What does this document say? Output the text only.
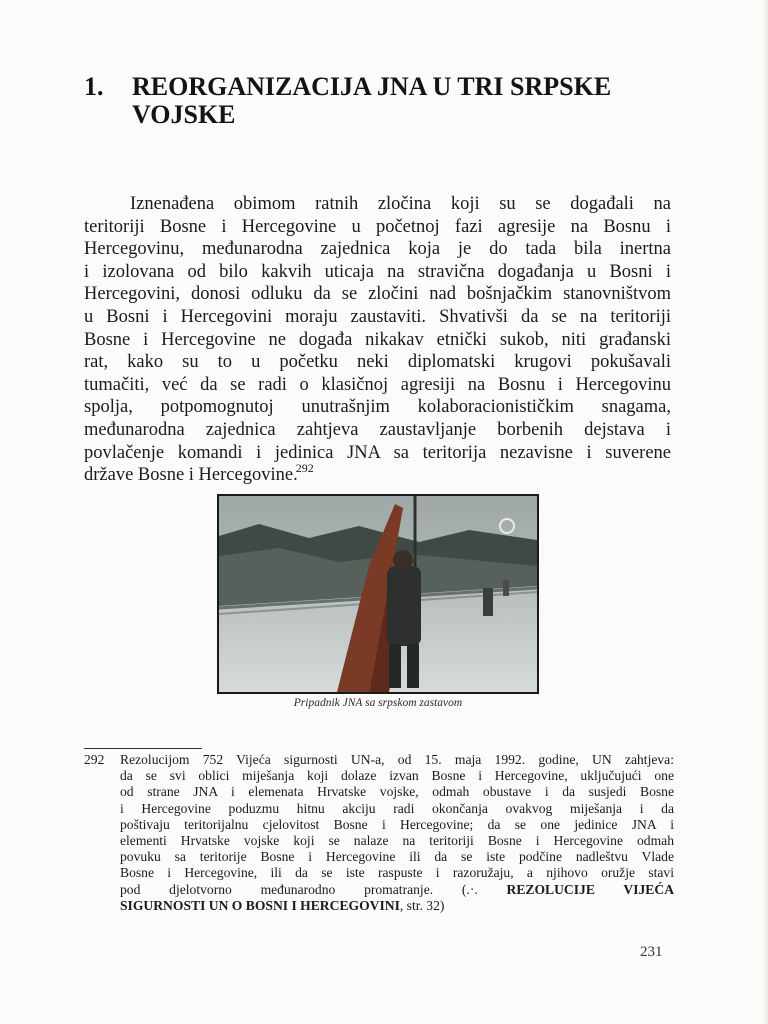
1. REORGANIZACIJA JNA U TRI SRPSKE
VOJSKE
Iznenađena obimom ratnih zločina koji su se događali na
teritoriji Bosne i Hercegovine u početnoj fazi agresije na Bosnu i
Hercegovinu, međunarodna zajednica koja je do tada bila inertna
i izolovana od bilo kakvih uticaja na stravična događanja u Bosni i
Hercegovini, donosi odluku da se zločini nad bošnjačkim stanovništvom
u Bosni i Hercegovini moraju zaustaviti. Shvativši da se na teritoriji
Bosne i Hercegovine ne događa nikakav etnički sukob, niti građanski
rat, kako su to u početku neki diplomatski krugovi pokušavali
tumačiti, već da se radi o klasičnoj agresiji na Bosnu i Hercegovinu
spolja, potpomognutoj unutrašnjim kolaboracionističkim snagama,
međunarodna zajednica zahtjeva zaustavljanje borbenih dejstava i
povlačenje komandi i jedinica JNA sa teritorija nezavisne i suverene
države Bosne i Hercegovine.$^{292}$
Pripadnik JNA sa srpskom zastavom
292 Rezolucijom 752 Vijeća sigurnosti UN-a, od 15. maja 1992. godine, UN zahtjeva:
da se svi oblici miješanja koji dolaze izvan Bosne i Hercegovine, uključujući one
od strane JNA i elemenata Hrvatske vojske, odmah obustave i da susjedi Bosne
i Hercegovine poduzmu hitnu akciju radi okončanja ovakvog miješanja i da
poštivaju teritorijalnu cjelovitost Bosne i Hercegovine; da se one jedinice JNA i
elementi Hrvatske vojske koji se nalaze na teritoriji Bosne i Hercegovine odmah
povuku sa teritorije Bosne i Hercegovine ili da se iste podčine nadleštvu Vlade
Bosne i Hercegovine, ili da se iste raspuste i razoružaju, a njihovo oružje stavi
pod djelotvorno međunarodno promatranje. (.·. REZOLUCIJE VIJEĆA
SIGURNOSTI UN O BOSNI I HERCEGOVINI, str. 32)
231
